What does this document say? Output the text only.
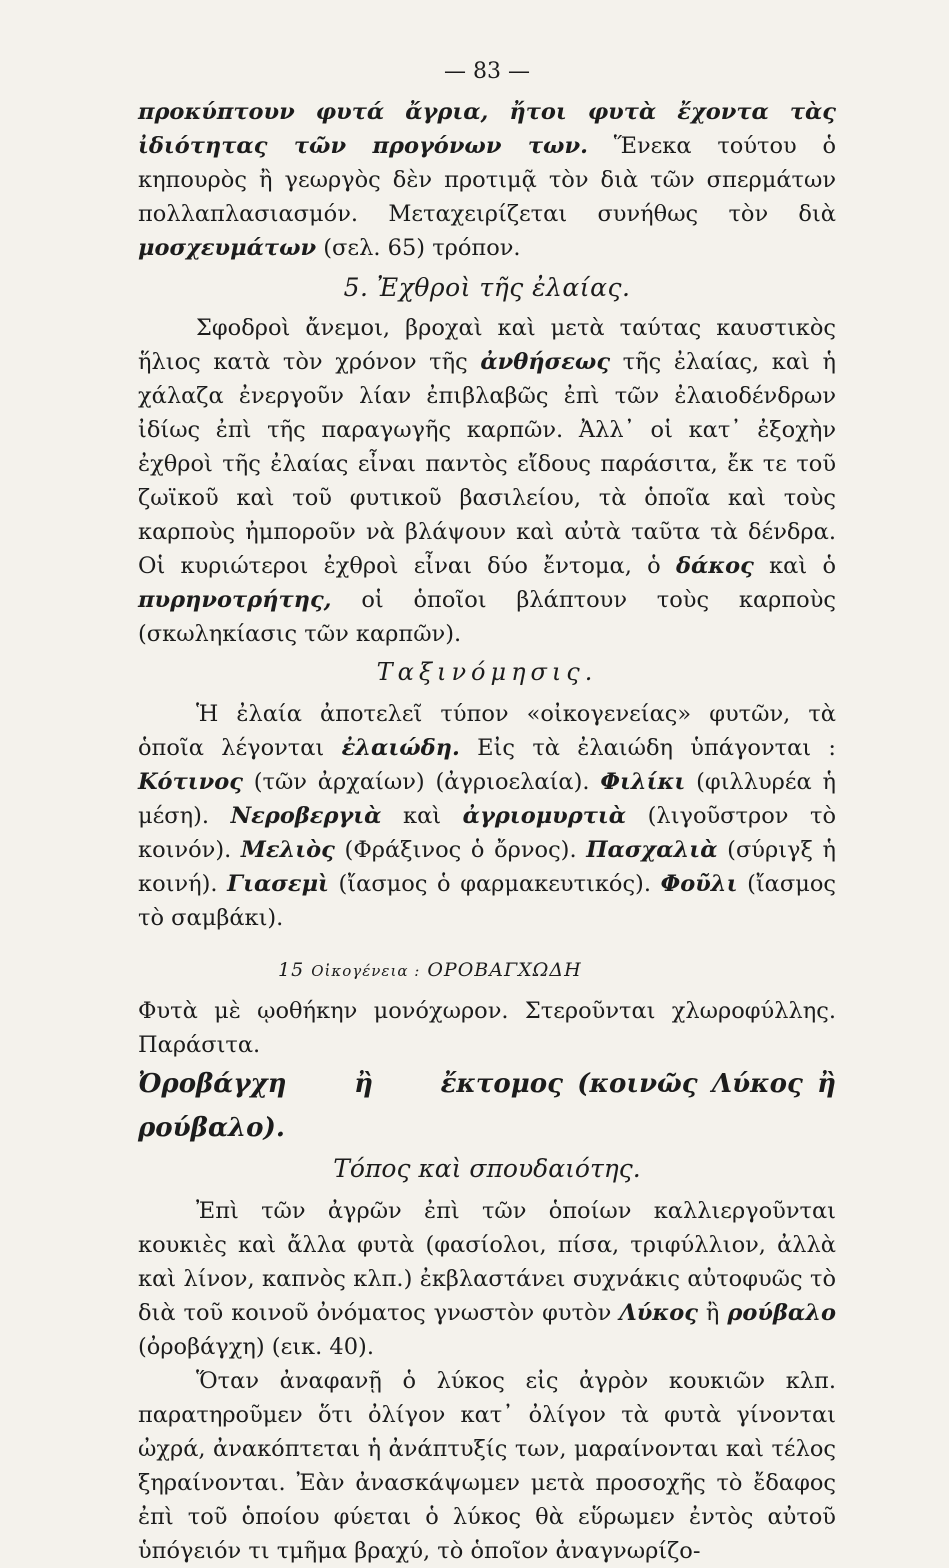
— 83 —

προκύπτουν φυτά ἄγρια, ἤτοι φυτὰ ἔχοντα τὰς ἰδιότητας τῶν προγόνων των. Ἕνεκα τούτου ὁ κηπουρὸς ἢ γεωργὸς δὲν προτιμᾷ τὸν διὰ τῶν σπερμάτων πολλαπλασιασμόν. Μεταχειρίζεται συνήθως τὸν διὰ μοσχευμάτων (σελ. 65) τρόπον.

5. Ἐχθροὶ τῆς ἐλαίας.

Σφοδροὶ ἄνεμοι, βροχαὶ καὶ μετὰ ταύτας καυστικὸς ἥλιος κατὰ τὸν χρόνον τῆς ἀνθήσεως τῆς ἐλαίας, καὶ ἡ χάλαζα ἐνεργοῦν λίαν ἐπιβλαβῶς ἐπὶ τῶν ἐλαιοδένδρων ἰδίως ἐπὶ τῆς παραγωγῆς καρπῶν. Ἀλλ᾽ οἱ κατ᾽ ἐξοχὴν ἐχθροὶ τῆς ἐλαίας εἶναι παντὸς εἴδους παράσιτα, ἔκ τε τοῦ ζωϊκοῦ καὶ τοῦ φυτικοῦ βασιλείου, τὰ ὁποῖα καὶ τοὺς καρποὺς ἠμποροῦν νὰ βλάψουν καὶ αὐτὰ ταῦτα τὰ δένδρα. Οἱ κυριώτεροι ἐχθροὶ εἶναι δύο ἔντομα, ὁ δάκος καὶ ὁ πυρηνοτρήτης, οἱ ὁποῖοι βλάπτουν τοὺς καρποὺς (σκωληκίασις τῶν καρπῶν).

Ταξινόμησις.

Ἡ ἐλαία ἀποτελεῖ τύπον «οἰκογενείας» φυτῶν, τὰ ὁποῖα λέγονται ἐλαιώδη. Εἰς τὰ ἐλαιώδη ὑπάγονται : Κότινος (τῶν ἀρχαίων) (ἀγριοελαία). Φιλίκι (φιλλυρέα ἡ μέση). Νεροβεργιὰ καὶ ἀγριομυρτιὰ (λιγοῦστρον τὸ κοινόν). Μελιὸς (Φράξινος ὁ ὄρνος). Πασχαλιὰ (σύριγξ ἡ κοινή). Γιασεμὶ (ἴασμος ὁ φαρμακευτικός). Φοῦλι (ἴασμος τὸ σαμβάκι).

15 Οἰκογένεια : ΟΡΟΒΑΓΧΩΔΗ

Φυτὰ μὲ ῳοθήκην μονόχωρον. Στεροῦνται χλωροφύλλης. Παράσιτα.

Ὀροβάγχη	ἢ	ἔκτομος (κοινῶς Λύκος ἢ ρούβαλο).
Τόπος καὶ σπουδαιότης.

Ἐπὶ τῶν ἀγρῶν ἐπὶ τῶν ὁποίων καλλιεργοῦνται κουκιὲς καὶ ἄλλα φυτὰ (φασίολοι, πίσα, τριφύλλιον, ἀλλὰ καὶ λίνον, καπνὸς κλπ.) ἐκβλαστάνει συχνάκις αὐτοφυῶς τὸ διὰ τοῦ κοινοῦ ὀνόματος γνωστὸν φυτὸν Λύκος ἢ ρούβαλο (ὀροβάγχη) (εικ. 40).

Ὅταν ἀναφανῇ ὁ λύκος εἰς ἀγρὸν κουκιῶν κλπ. παρατηροῦμεν ὅτι ὀλίγον κατ᾽ ὀλίγον τὰ φυτὰ γίνονται ὠχρά, ἀνακόπτεται ἡ ἀνάπτυξίς των, μαραίνονται καὶ τέλος ξηραίνονται. Ἐὰν ἀνασκάψωμεν μετὰ προσοχῆς τὸ ἔδαφος ἐπὶ τοῦ ὁποίου φύεται ὁ λύκος θὰ εὕρωμεν ἐντὸς αὐτοῦ ὑπόγειόν τι τμῆμα βραχύ, τὸ ὁποῖον ἀναγνωρίζο-
